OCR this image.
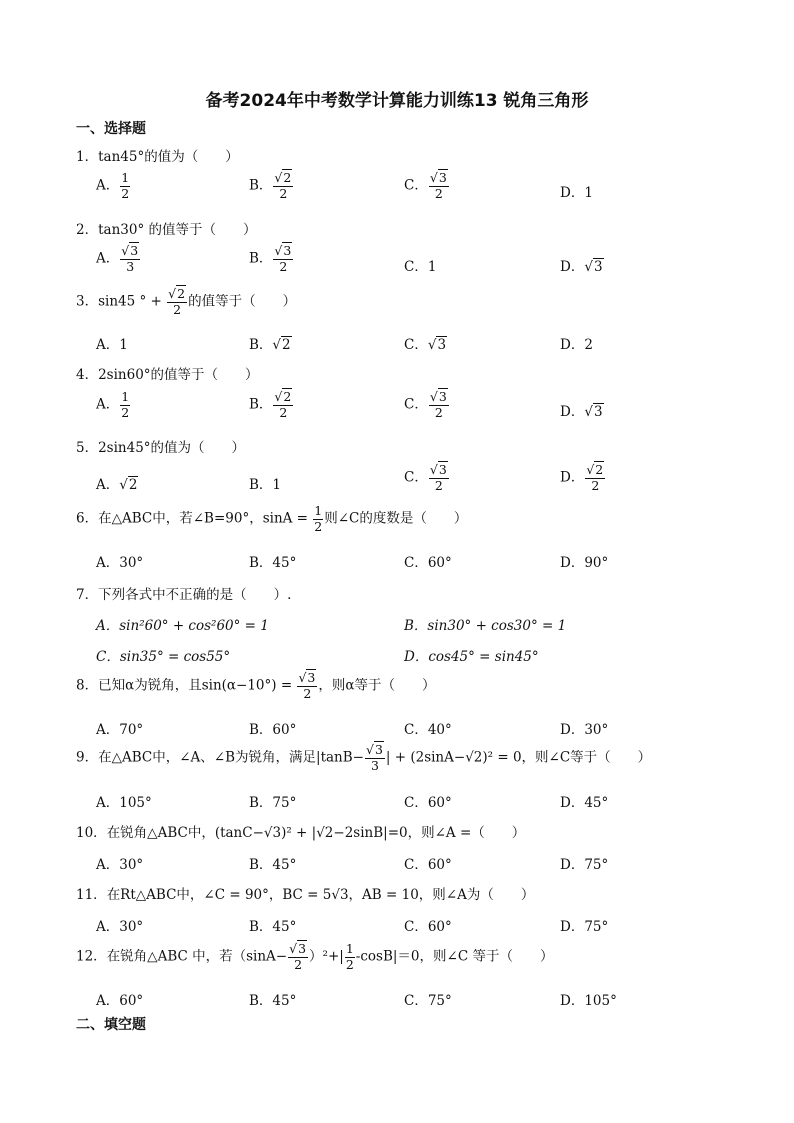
备考2024年中考数学计算能力训练13 锐角三角形
一、选择题
1．tan45°的值为（　　）
A． $\frac{1}{2}$	B． $\frac{√2}{2}$	C． $\frac{√3}{2}$	D．1
2．tan30° 的值等于（　　）
A． $\frac{√3}{3}$	B． $\frac{√3}{2}$	C．1	D．√3
3．sin45 ° + $\frac{√2}{2}$ 的值等于（　　）
A．1	B．√2	C．√3	D．2
4．2sin60°的值等于（　　）
A． $\frac{1}{2}$	B． $\frac{√2}{2}$	C． $\frac{√3}{2}$	D．√3
5．2sin45°的值为（　　）
A．√2	B．1	C． $\frac{√3}{2}$	D． $\frac{√2}{2}$
6．在△ABC中，若∠B=90°，$\sin A = \frac{1}{2}$ 则∠C的度数是（　　）
A．30°	B．45°	C．60°	D．90°
7．下列各式中不正确的是（　　）.
A．sin²60° + cos²60° = 1	B．sin30° + cos30° = 1
C．sin35° = cos55°	D．cos45° = sin45°
8．已知α为锐角，且$\sin(\alpha-10^\circ) = \frac{√3}{2}$ ，则α等于（　　）
A．70°	B．60°	C．40°	D．30°
9．在△ABC中，∠A、∠B为锐角，满足$|\tan B- \frac{√3}{3}$ | + (2sinA−√2)² = 0，则∠C等于（　　）
A．105°	B．75°	C．60°	D．45°
10．在锐角△ABC中，(tanC−√3)² + |√2−2sinB|=0，则∠A =（　　）
A．30°	B．45°	C．60°	D．75°
11．在Rt△ABC中，∠C = 90°，BC = 5√3，AB = 10，则∠A为（　　）
A．30°	B．45°	C．60°	D．75°
12．在锐角△ABC 中，若$(\sin A- \frac{√3}{2} )^2+| \frac{1}{2} -\cos B|=0$，则∠C 等于（　　）
A．60°	B．45°	C．75°	D．105°
二、填空题
